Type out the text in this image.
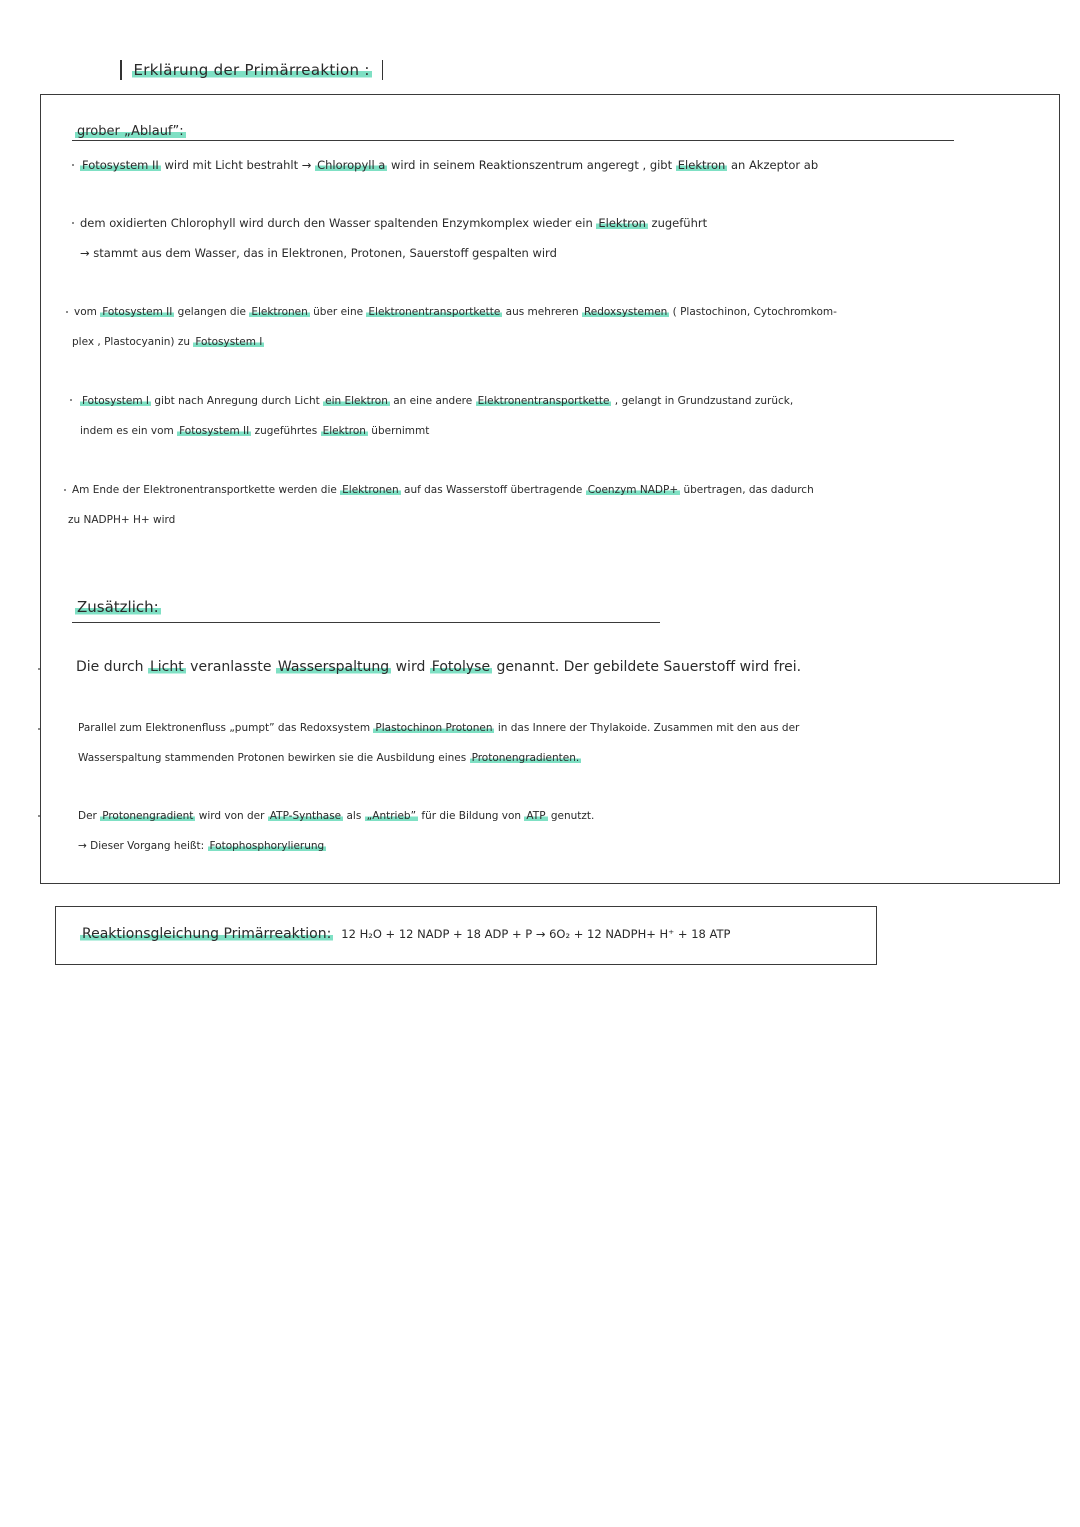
Erklärung der Primärreaktion :
grober „Ablauf”:
Fotosystem II wird mit Licht bestrahlt → Chloropyll a wird in seinem Reaktionszentrum angeregt , gibt Elektron an Akzeptor ab
dem oxidierten Chlorophyll wird durch den Wasser spaltenden Enzymkomplex wieder ein Elektron zugeführt
→ stammt aus dem Wasser, das in Elektronen, Protonen, Sauerstoff gespalten wird
vom Fotosystem II gelangen die Elektronen über eine Elektronentransportkette aus mehreren Redoxsystemen ( Plastochinon, Cytochromkom-
plex , Plastocyanin) zu Fotosystem I
Fotosystem I gibt nach Anregung durch Licht ein Elektron an eine andere Elektronentransportkette , gelangt in Grundzustand zurück,
indem es ein vom Fotosystem II zugeführtes Elektron übernimmt
Am Ende der Elektronentransportkette werden die Elektronen auf das Wasserstoff übertragende Coenzym NADP+ übertragen, das dadurch
zu NADPH+ H+ wird
Zusätzlich:
Die durch Licht veranlasste Wasserspaltung wird Fotolyse genannt. Der gebildete Sauerstoff wird frei.
Parallel zum Elektronenfluss „pumpt” das Redoxsystem Plastochinon Protonen in das Innere der Thylakoide. Zusammen mit den aus der
Wasserspaltung stammenden Protonen bewirken sie die Ausbildung eines Protonengradienten.
Der Protonengradient wird von der ATP-Synthase als „Antrieb” für die Bildung von ATP genutzt.
→ Dieser Vorgang heißt: Fotophosphorylierung
Reaktionsgleichung Primärreaktion: 12 H₂O + 12 NADP + 18 ADP + P → 6O₂ + 12 NADPH+ H⁺ + 18 ATP
